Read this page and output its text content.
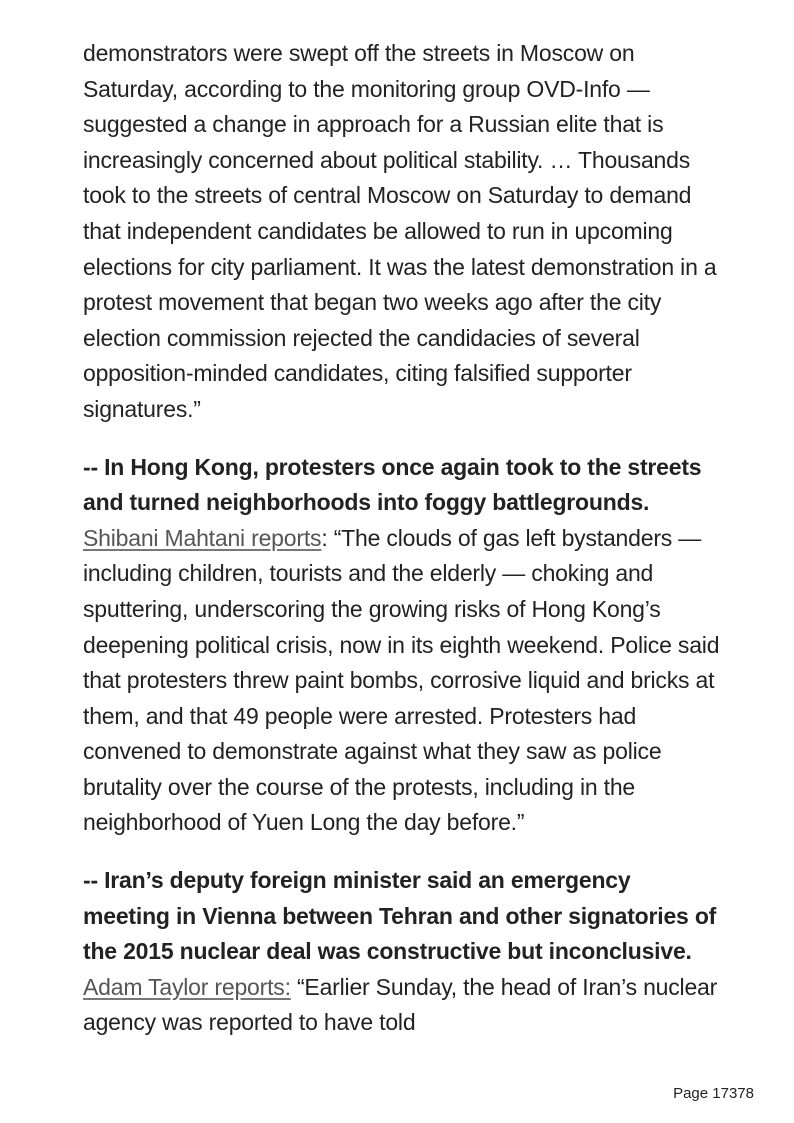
demonstrators were swept off the streets in Moscow on Saturday, according to the monitoring group OVD-Info — suggested a change in approach for a Russian elite that is increasingly concerned about political stability. … Thousands took to the streets of central Moscow on Saturday to demand that independent candidates be allowed to run in upcoming elections for city parliament. It was the latest demonstration in a protest movement that began two weeks ago after the city election commission rejected the candidacies of several opposition-minded candidates, citing falsified supporter signatures.”

-- In Hong Kong, protesters once again took to the streets and turned neighborhoods into foggy battlegrounds. Shibani Mahtani reports: “The clouds of gas left bystanders — including children, tourists and the elderly — choking and sputtering, underscoring the growing risks of Hong Kong’s deepening political crisis, now in its eighth weekend. Police said that protesters threw paint bombs, corrosive liquid and bricks at them, and that 49 people were arrested. Protesters had convened to demonstrate against what they saw as police brutality over the course of the protests, including in the neighborhood of Yuen Long the day before.”

-- Iran’s deputy foreign minister said an emergency meeting in Vienna between Tehran and other signatories of the 2015 nuclear deal was constructive but inconclusive. Adam Taylor reports: “Earlier Sunday, the head of Iran’s nuclear agency was reported to have told

Page 17378
